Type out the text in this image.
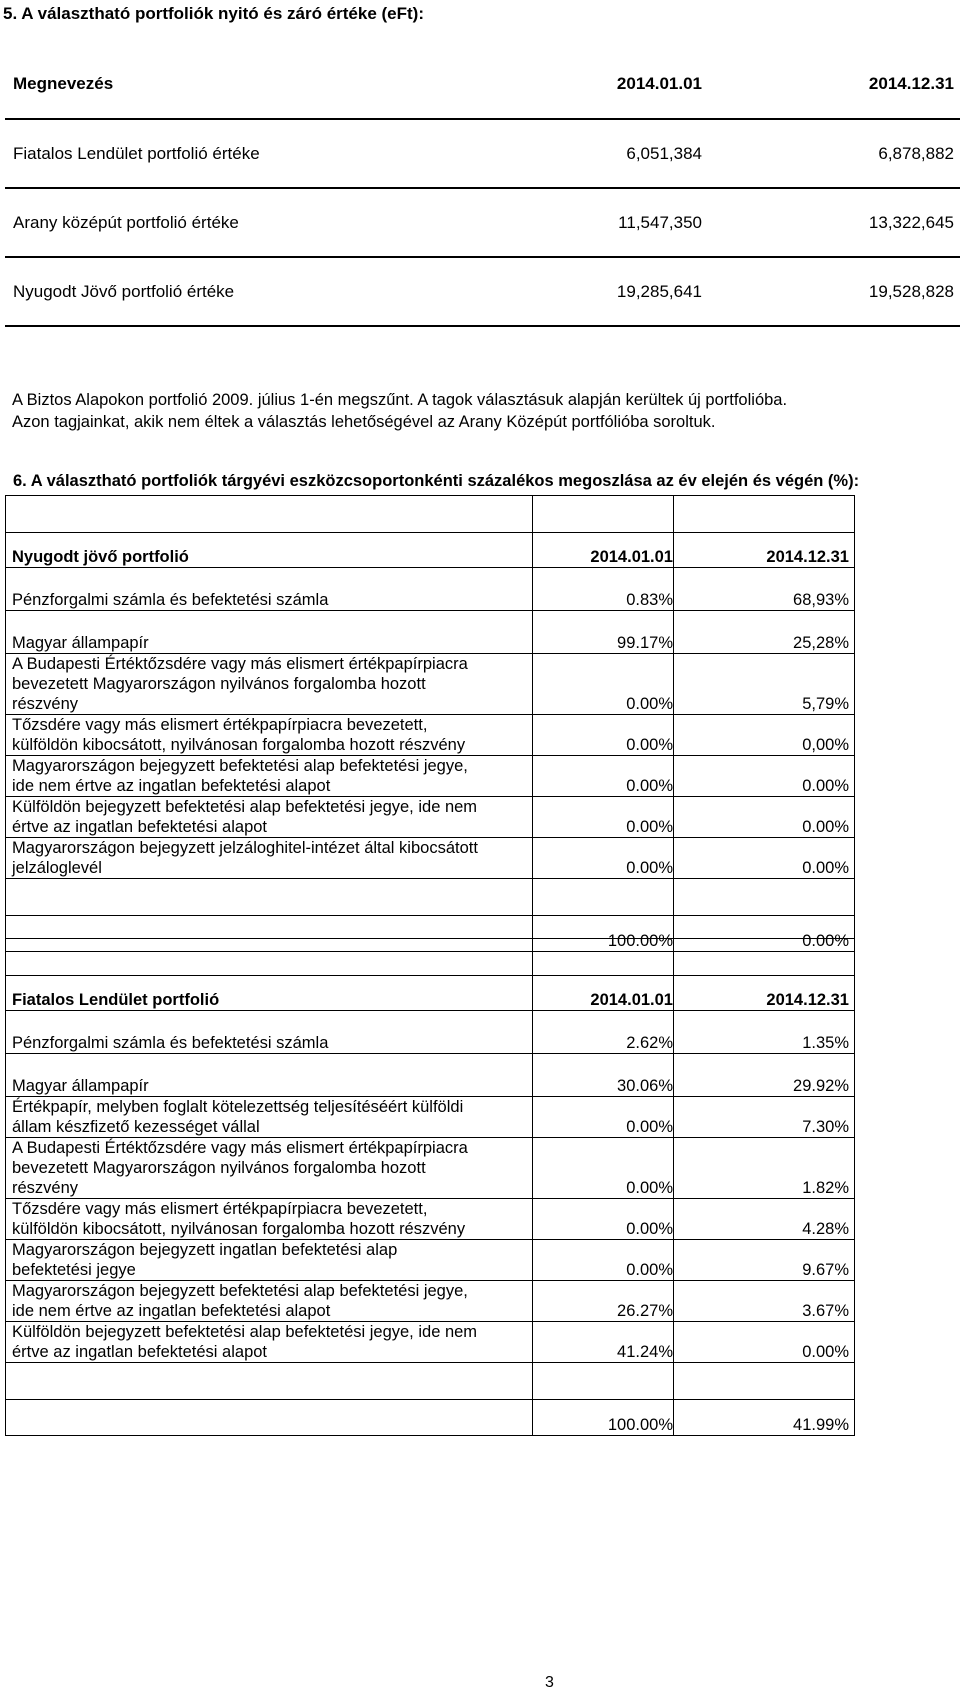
5. A választható portfoliók nyitó és záró értéke (eFt):
Megnevezés	2014.01.01	2014.12.31
Fiatalos Lendület portfolió értéke	6,051,384	6,878,882
Arany középút portfolió értéke	11,547,350	13,322,645
Nyugodt Jövő portfolió értéke	19,285,641	19,528,828
A Biztos Alapokon portfolió 2009. július 1-én megszűnt. A tagok választásuk alapján kerültek új portfolióba.
Azon tagjainkat, akik nem éltek a választás lehetőségével az Arany Középút portfólióba soroltuk.
6. A választható portfoliók tárgyévi eszközcsoportonkénti százalékos megoszlása az év elején és végén (%):

Nyugodt jövő portfolió	2014.01.01	2014.12.31

Pénzforgalmi számla és befektetési számla	0.83%	68,93%

Magyar állampapír	99.17%	25,28%

A Budapesti Értéktőzsdére vagy más elismert értékpapírpiacra
bevezetett Magyarországon nyilvános forgalomba hozott
részvény	0.00%	5,79%

Tőzsdére vagy más elismert értékpapírpiacra bevezetett,
külföldön kibocsátott, nyilvánosan forgalomba hozott részvény	0.00%	0,00%

Magyarországon bejegyzett befektetési alap befektetési jegye,
ide nem értve az ingatlan befektetési alapot	0.00%	0.00%

Külföldön bejegyzett befektetési alap befektetési jegye, ide nem
értve az ingatlan befektetési alapot	0.00%	0.00%

Magyarországon bejegyzett jelzáloghitel-intézet által kibocsátott
jelzáloglevél	0.00%	0.00%

	100.00%	0.00%

Fiatalos Lendület portfolió	2014.01.01	2014.12.31

Pénzforgalmi számla és befektetési számla	2.62%	1.35%

Magyar állampapír	30.06%	29.92%

Értékpapír, melyben foglalt kötelezettség teljesítéséért külföldi
állam készfizető kezességet vállal	0.00%	7.30%

A Budapesti Értéktőzsdére vagy más elismert értékpapírpiacra
bevezetett Magyarországon nyilvános forgalomba hozott
részvény	0.00%	1.82%

Tőzsdére vagy más elismert értékpapírpiacra bevezetett,
külföldön kibocsátott, nyilvánosan forgalomba hozott részvény	0.00%	4.28%

Magyarországon bejegyzett ingatlan befektetési alap
befektetési jegye	0.00%	9.67%

Magyarországon bejegyzett befektetési alap befektetési jegye,
ide nem értve az ingatlan befektetési alapot	26.27%	3.67%

Külföldön bejegyzett befektetési alap befektetési jegye, ide nem
értve az ingatlan befektetési alapot	41.24%	0.00%

	100.00%	41.99%
3
